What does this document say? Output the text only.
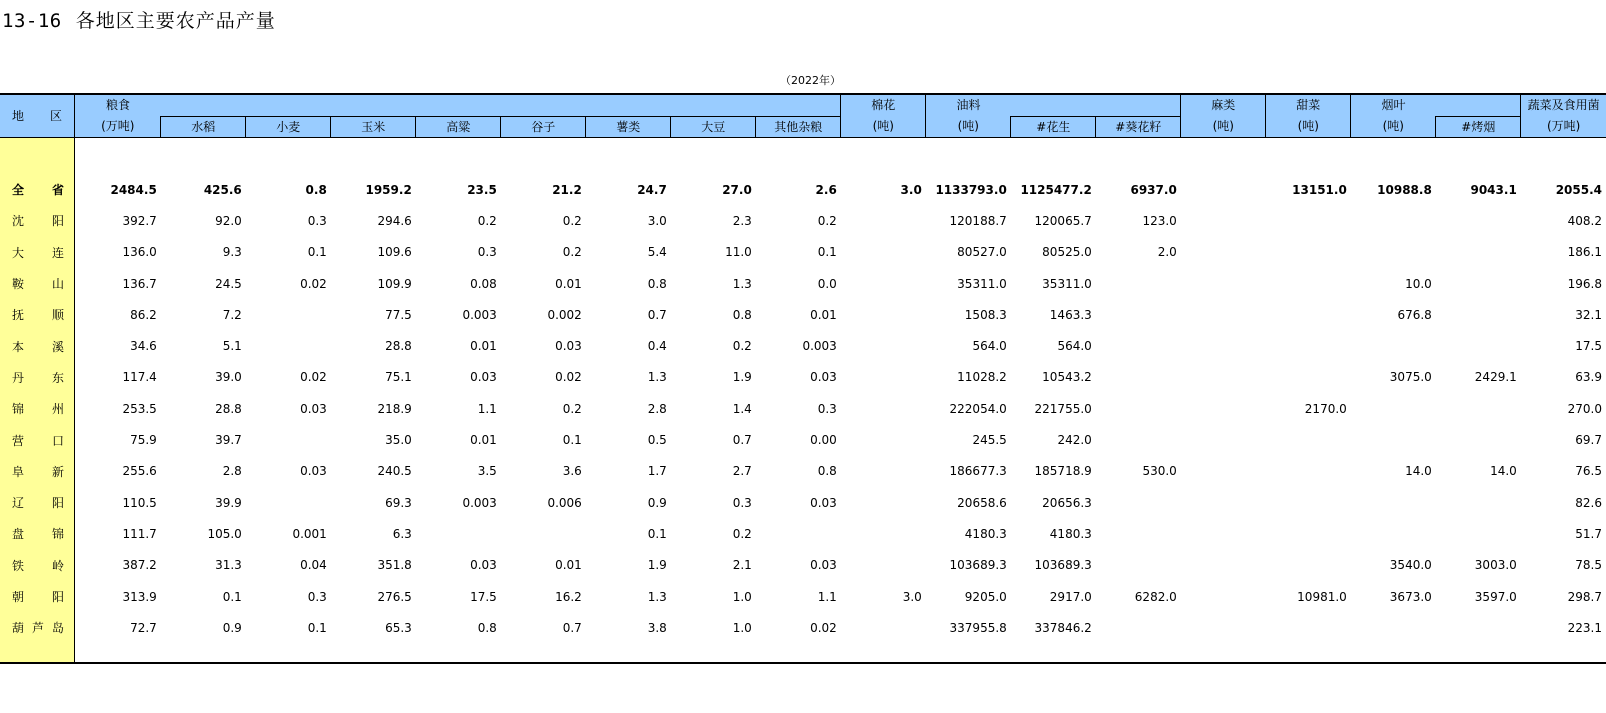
13-16 各地区主要农产品产量
（2022年）
地　区	粮食									棉花	油料			麻类	甜菜	烟叶		蔬菜及食用菌
	(万吨)	水稻	小麦	玉米	高粱	谷子	薯类	大豆	其他杂粮	(吨)	(吨)	#花生	#葵花籽	(吨)	(吨)	(吨)	#烤烟	(万吨)

全省	2484.5	425.6	0.8	1959.2	23.5	21.2	24.7	27.0	2.6	3.0	1133793.0	1125477.2	6937.0		13151.0	10988.8	9043.1	2055.4
沈阳	392.7	92.0	0.3	294.6	0.2	0.2	3.0	2.3	0.2		120188.7	120065.7	123.0					408.2
大连	136.0	9.3	0.1	109.6	0.3	0.2	5.4	11.0	0.1		80527.0	80525.0	2.0					186.1
鞍山	136.7	24.5	0.02	109.9	0.08	0.01	0.8	1.3	0.0		35311.0	35311.0				10.0		196.8
抚顺	86.2	7.2		77.5	0.003	0.002	0.7	0.8	0.01		1508.3	1463.3				676.8		32.1
本溪	34.6	5.1		28.8	0.01	0.03	0.4	0.2	0.003		564.0	564.0						17.5
丹东	117.4	39.0	0.02	75.1	0.03	0.02	1.3	1.9	0.03		11028.2	10543.2				3075.0	2429.1	63.9
锦州	253.5	28.8	0.03	218.9	1.1	0.2	2.8	1.4	0.3		222054.0	221755.0			2170.0			270.0
营口	75.9	39.7		35.0	0.01	0.1	0.5	0.7	0.00		245.5	242.0						69.7
阜新	255.6	2.8	0.03	240.5	3.5	3.6	1.7	2.7	0.8		186677.3	185718.9	530.0			14.0	14.0	76.5
辽阳	110.5	39.9		69.3	0.003	0.006	0.9	0.3	0.03		20658.6	20656.3						82.6
盘锦	111.7	105.0	0.001	6.3			0.1	0.2			4180.3	4180.3						51.7
铁岭	387.2	31.3	0.04	351.8	0.03	0.01	1.9	2.1	0.03		103689.3	103689.3				3540.0	3003.0	78.5
朝阳	313.9	0.1	0.3	276.5	17.5	16.2	1.3	1.0	1.1	3.0	9205.0	2917.0	6282.0		10981.0	3673.0	3597.0	298.7
葫芦岛	72.7	0.9	0.1	65.3	0.8	0.7	3.8	1.0	0.02		337955.8	337846.2						223.1
